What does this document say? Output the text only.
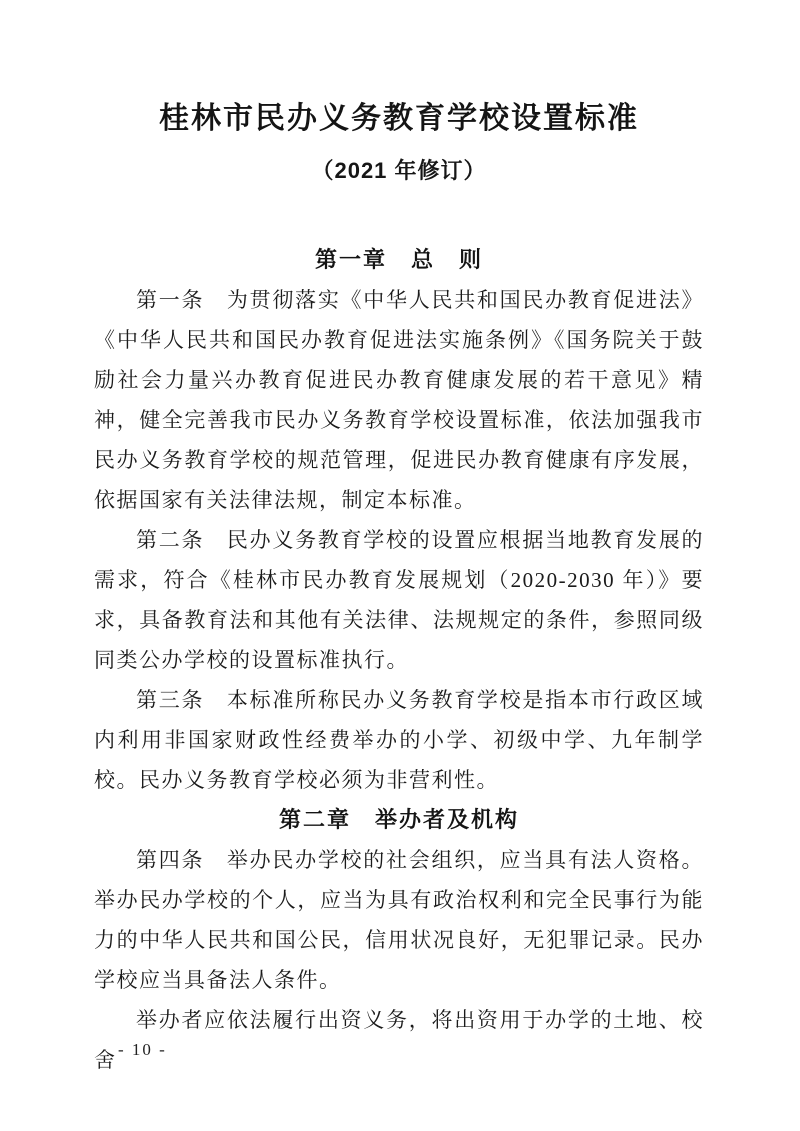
桂林市民办义务教育学校设置标准
（2021 年修订）
第一章　总　则

第一条　为贯彻落实《中华人民共和国民办教育促进法》《中华人民共和国民办教育促进法实施条例》《国务院关于鼓励社会力量兴办教育促进民办教育健康发展的若干意见》精神，健全完善我市民办义务教育学校设置标准，依法加强我市民办义务教育学校的规范管理，促进民办教育健康有序发展，依据国家有关法律法规，制定本标准。

第二条　民办义务教育学校的设置应根据当地教育发展的需求，符合《桂林市民办教育发展规划（2020-2030 年）》要求，具备教育法和其他有关法律、法规规定的条件，参照同级同类公办学校的设置标准执行。

第三条　本标准所称民办义务教育学校是指本市行政区域内利用非国家财政性经费举办的小学、初级中学、九年制学校。民办义务教育学校必须为非营利性。

第二章　举办者及机构

第四条　举办民办学校的社会组织，应当具有法人资格。举办民办学校的个人，应当为具有政治权利和完全民事行为能力的中华人民共和国公民，信用状况良好，无犯罪记录。民办学校应当具备法人条件。

举办者应依法履行出资义务，将出资用于办学的土地、校舍 - 10 -
